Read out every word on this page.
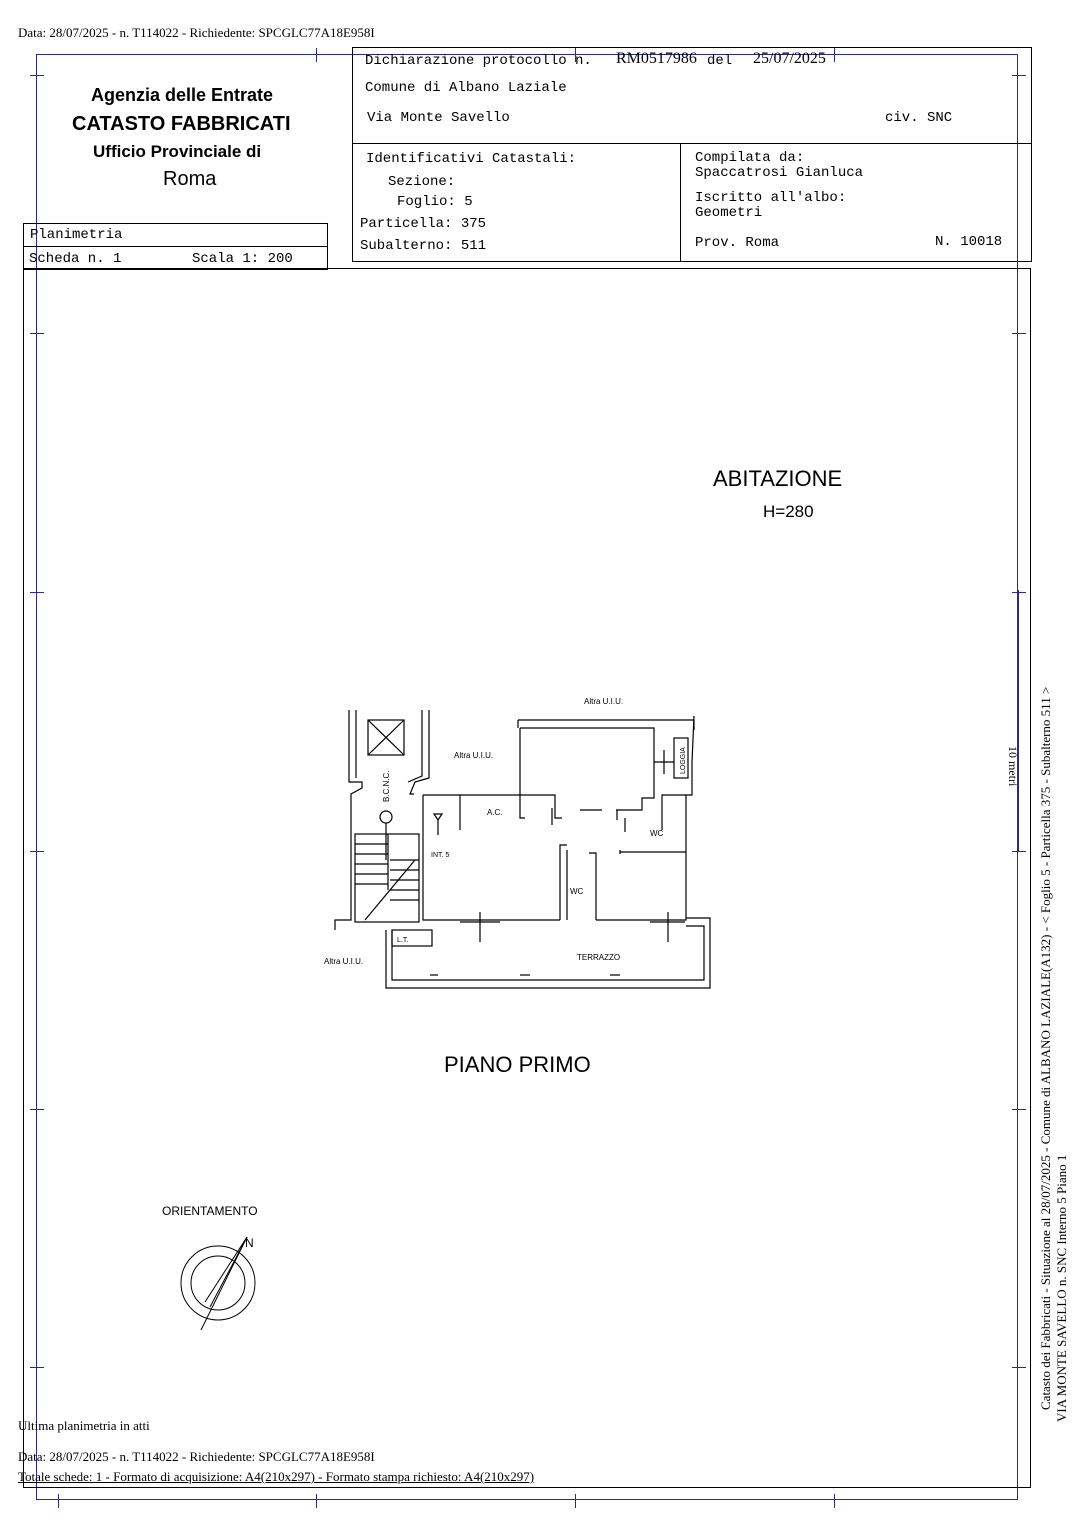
Data: 28/07/2025 - n. T114022 - Richiedente: SPCGLC77A18E958I
Agenzia delle Entrate
CATASTO FABBRICATI
Ufficio Provinciale di
Roma
Planimetria
Scheda n. 1	Scala 1: 200
Dichiarazione protocollo n. RM0517986 del 25/07/2025
Comune di Albano Laziale
Via Monte Savello	civ. SNC
Identificativi Catastali:
Sezione:
Foglio: 5
Particella: 375
Subalterno: 511
Compilata da:
Spaccatrosi Gianluca
Iscritto all'albo:
Geometri
Prov. Roma	N. 10018
ABITAZIONE
H=280
Altra U.I.U.
Altra U.I.U.
Altra U.I.U.
A.C.
WC
WC
INT. 5
L.T.
TERRAZZO
LOGGIA
B.C.N.C.
PIANO PRIMO
ORIENTAMENTO
N
10 metri Catasto dei Fabbricati - Situazione al 28/07/2025 - Comune di ALBANO LAZIALE(A132) - < Foglio 5 - Particella 375 - Subalterno 511 > VIA MONTE SAVELLO n. SNC Interno 5 Piano 1
Ultima planimetria in atti
Data: 28/07/2025 - n. T114022 - Richiedente: SPCGLC77A18E958I
Totale schede: 1 - Formato di acquisizione: A4(210x297) - Formato stampa richiesto: A4(210x297)
